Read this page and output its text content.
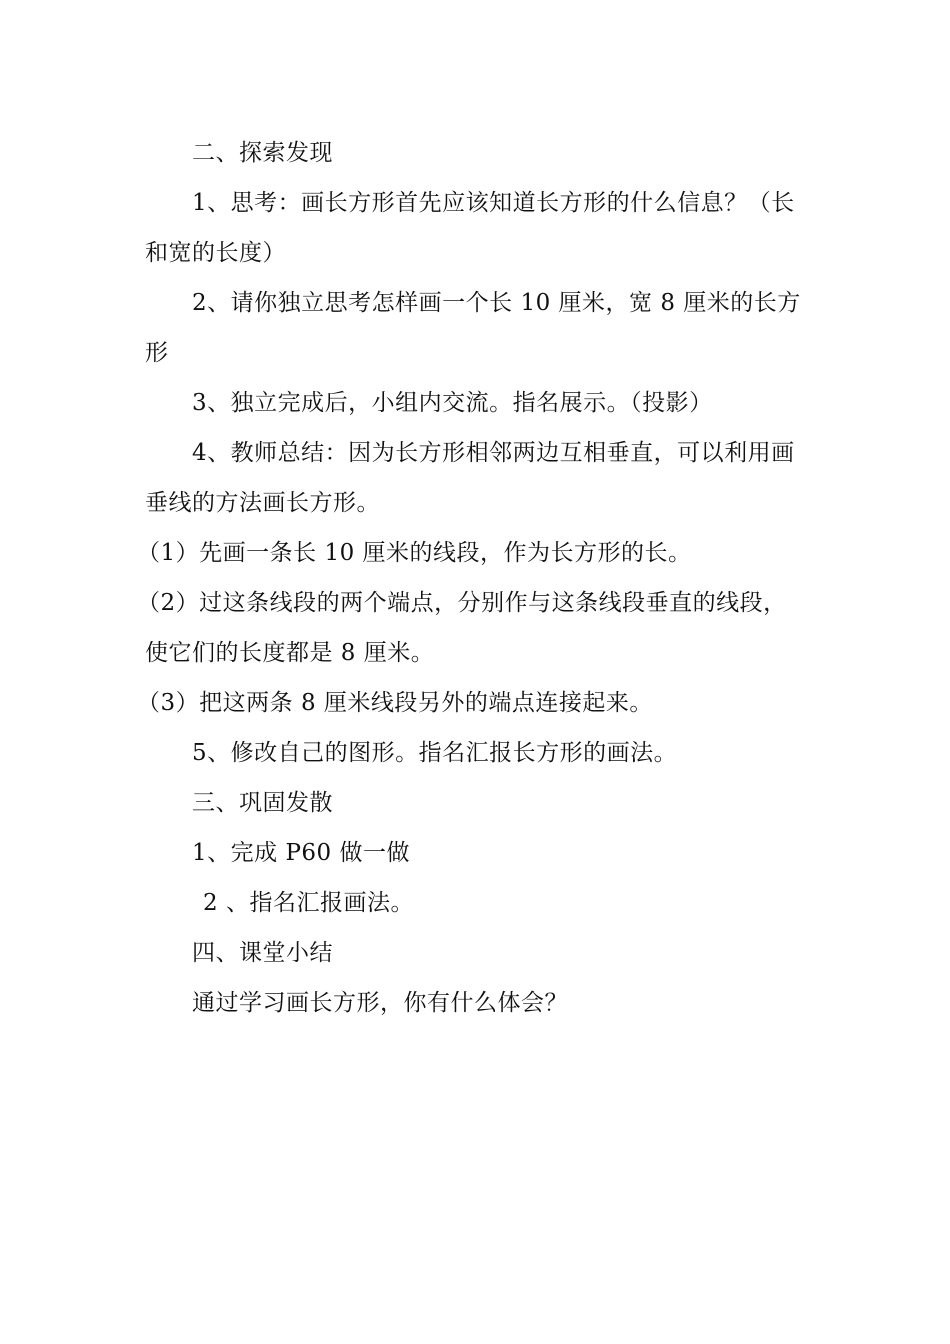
二、探索发现
1、思考：画长方形首先应该知道长方形的什么信息？（长
和宽的长度）
2、请你独立思考怎样画一个长 10 厘米，宽 8 厘米的长方
形
3、独立完成后，小组内交流。指名展示。（投影）
4、教师总结：因为长方形相邻两边互相垂直，可以利用画
垂线的方法画长方形。
（1）先画一条长 10 厘米的线段，作为长方形的长。
（2）过这条线段的两个端点，分别作与这条线段垂直的线段，
使它们的长度都是 8 厘米。
（3）把这两条 8 厘米线段另外的端点连接起来。
5、修改自己的图形。指名汇报长方形的画法。
三、巩固发散
1、完成 P60 做一做
2 、指名汇报画法。
四、课堂小结
通过学习画长方形，你有什么体会？
